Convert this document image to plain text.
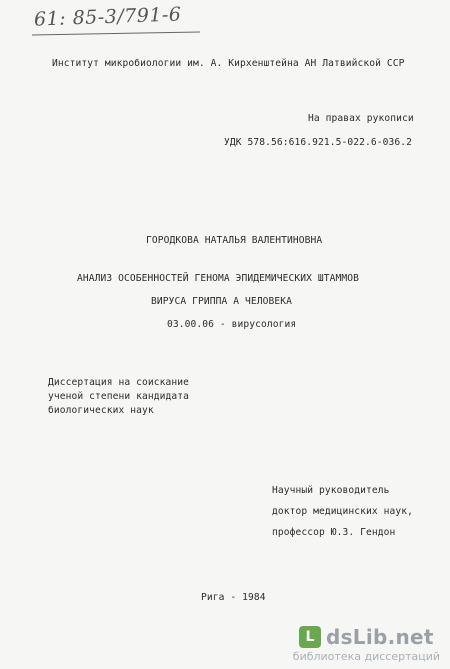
61: 85-3/791-6
Институт микробиологии им. А. Кирхенштейна АН Латвийской ССР
На правах рукописи
УДК 578.56:616.921.5-022.6-036.2
ГОРОДКОВА НАТАЛЬЯ ВАЛЕНТИНОВНА
АНАЛИЗ ОСОБЕННОСТЕЙ ГЕНОМА ЭПИДЕМИЧЕСКИХ ШТАММОВ
ВИРУСА ГРИППА А ЧЕЛОВЕКА
03.00.06 - вирусология
Диссертация на соискание
ученой степени кандидата
биологических наук
Научный руководитель
доктор медицинских наук,
профессор Ю.З. Гендон
Рига - 1984
L dsLib.net
библиотека диссертаций
